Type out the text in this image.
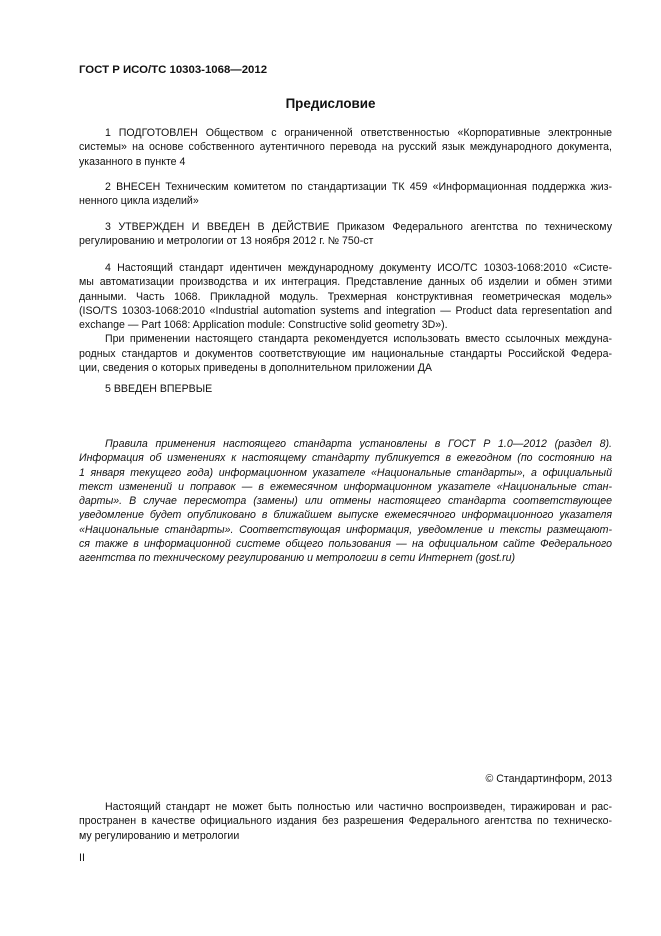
ГОСТ Р ИСО/ТС 10303-1068—2012
Предисловие
1 ПОДГОТОВЛЕН Обществом с ограниченной ответственностью «Корпоративные электронные
системы» на основе собственного аутентичного перевода на русский язык международного документа,
указанного в пункте 4
2 ВНЕСЕН Техническим комитетом по стандартизации ТК 459 «Информационная поддержка жиз-
ненного цикла изделий»
3 УТВЕРЖДЕН И ВВЕДЕН В ДЕЙСТВИЕ Приказом Федерального агентства по техническому
регулированию и метрологии от 13 ноября 2012 г. № 750-ст
4 Настоящий стандарт идентичен международному документу ИСО/ТС 10303-1068:2010 «Систе-
мы автоматизации производства и их интеграция. Представление данных об изделии и обмен этими
данными. Часть 1068. Прикладной модуль. Трехмерная конструктивная геометрическая модель»
(ISO/TS 10303-1068:2010 «Industrial automation systems and integration — Product data representation and
exchange — Part 1068: Application module: Constructive solid geometry 3D»).
При применении настоящего стандарта рекомендуется использовать вместо ссылочных междуна-
родных стандартов и документов соответствующие им национальные стандарты Российской Федера-
ции, сведения о которых приведены в дополнительном приложении ДА
5 ВВЕДЕН ВПЕРВЫЕ
Правила применения настоящего стандарта установлены в ГОСТ Р 1.0—2012 (раздел 8).
Информация об изменениях к настоящему стандарту публикуется в ежегодном (по состоянию на
1 января текущего года) информационном указателе «Национальные стандарты», а официальный
текст изменений и поправок — в ежемесячном информационном указателе «Национальные стан-
дарты». В случае пересмотра (замены) или отмены настоящего стандарта соответствующее
уведомление будет опубликовано в ближайшем выпуске ежемесячного информационного указателя
«Национальные стандарты». Соответствующая информация, уведомление и тексты размещают-
ся также в информационной системе общего пользования — на официальном сайте Федерального
агентства по техническому регулированию и метрологии в сети Интернет (gost.ru)
© Стандартинформ, 2013
Настоящий стандарт не может быть полностью или частично воспроизведен, тиражирован и рас-
пространен в качестве официального издания без разрешения Федерального агентства по техническо-
му регулированию и метрологии
II
